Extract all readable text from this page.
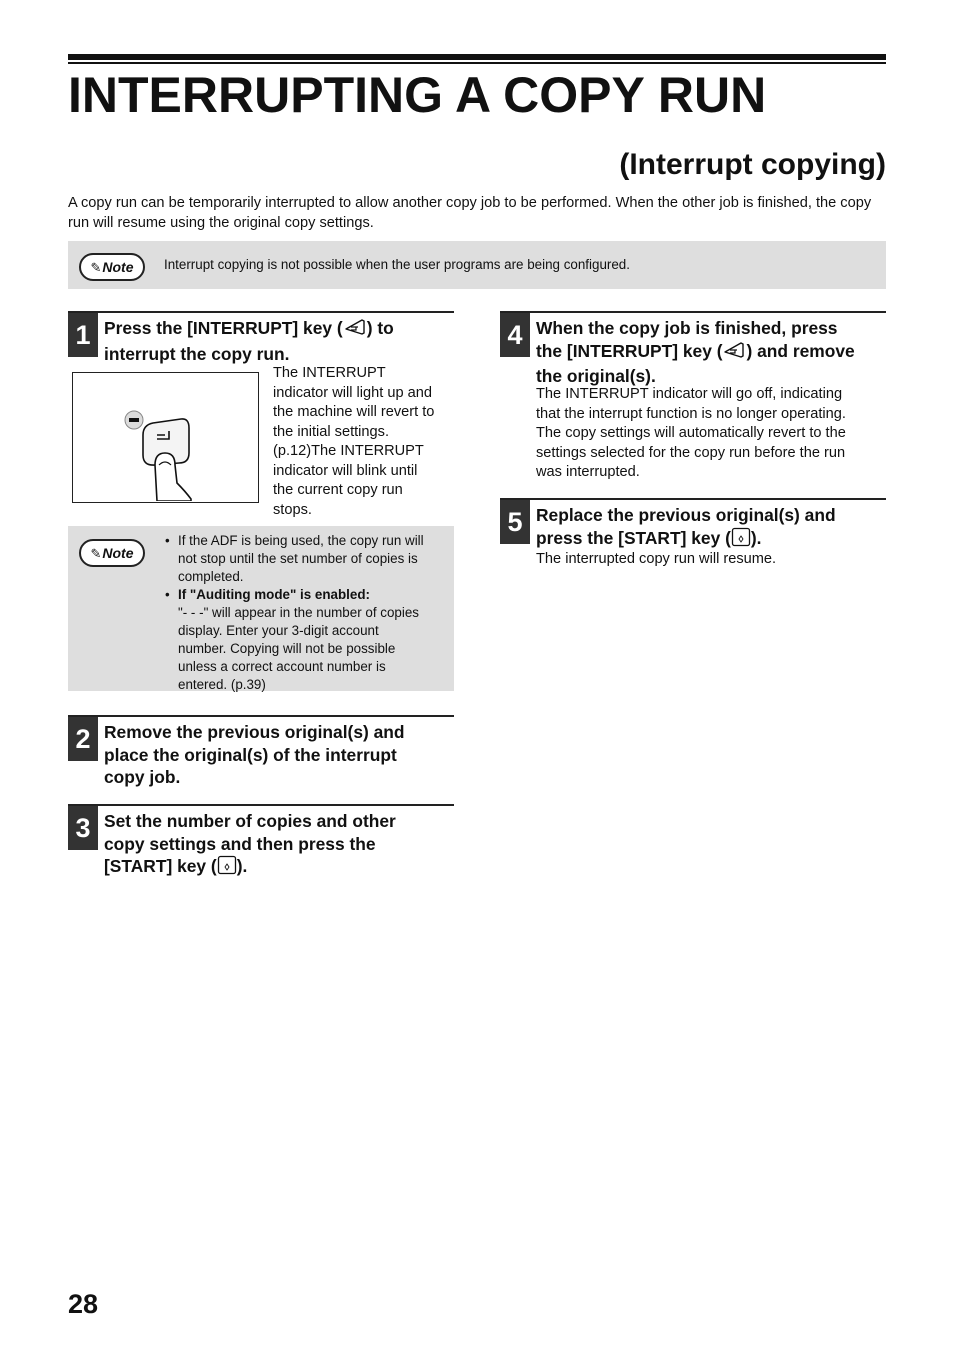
INTERRUPTING A COPY RUN
(Interrupt copying)

A copy run can be temporarily interrupted to allow another copy job to be performed. When the other job is finished, the copy run will resume using the original copy settings.

✎Note	Interrupt copying is not possible when the user programs are being configured.
1 Press the [INTERRUPT] key ( ) to
interrupt the copy run.
The INTERRUPT
indicator will light up and
the machine will revert to
the initial settings.
(p.12)The INTERRUPT
indicator will blink until
the current copy run
stops.
✎Note
• If the ADF is being used, the copy run will
not stop until the set number of copies is
completed.
• If "Auditing mode" is enabled:
"- - -" will appear in the number of copies
display. Enter your 3-digit account
number. Copying will not be possible
unless a correct account number is
entered. (p.39)
2 Remove the previous original(s) and
place the original(s) of the interrupt
copy job.
3 Set the number of copies and other
copy settings and then press the
[START] key ( ).
4 When the copy job is finished, press
the [INTERRUPT] key ( ) and remove
the original(s).
The INTERRUPT indicator will go off, indicating
that the interrupt function is no longer operating.
The copy settings will automatically revert to the
settings selected for the copy run before the run
was interrupted.
5 Replace the previous original(s) and
press the [START] key ( ).
The interrupted copy run will resume.
28
